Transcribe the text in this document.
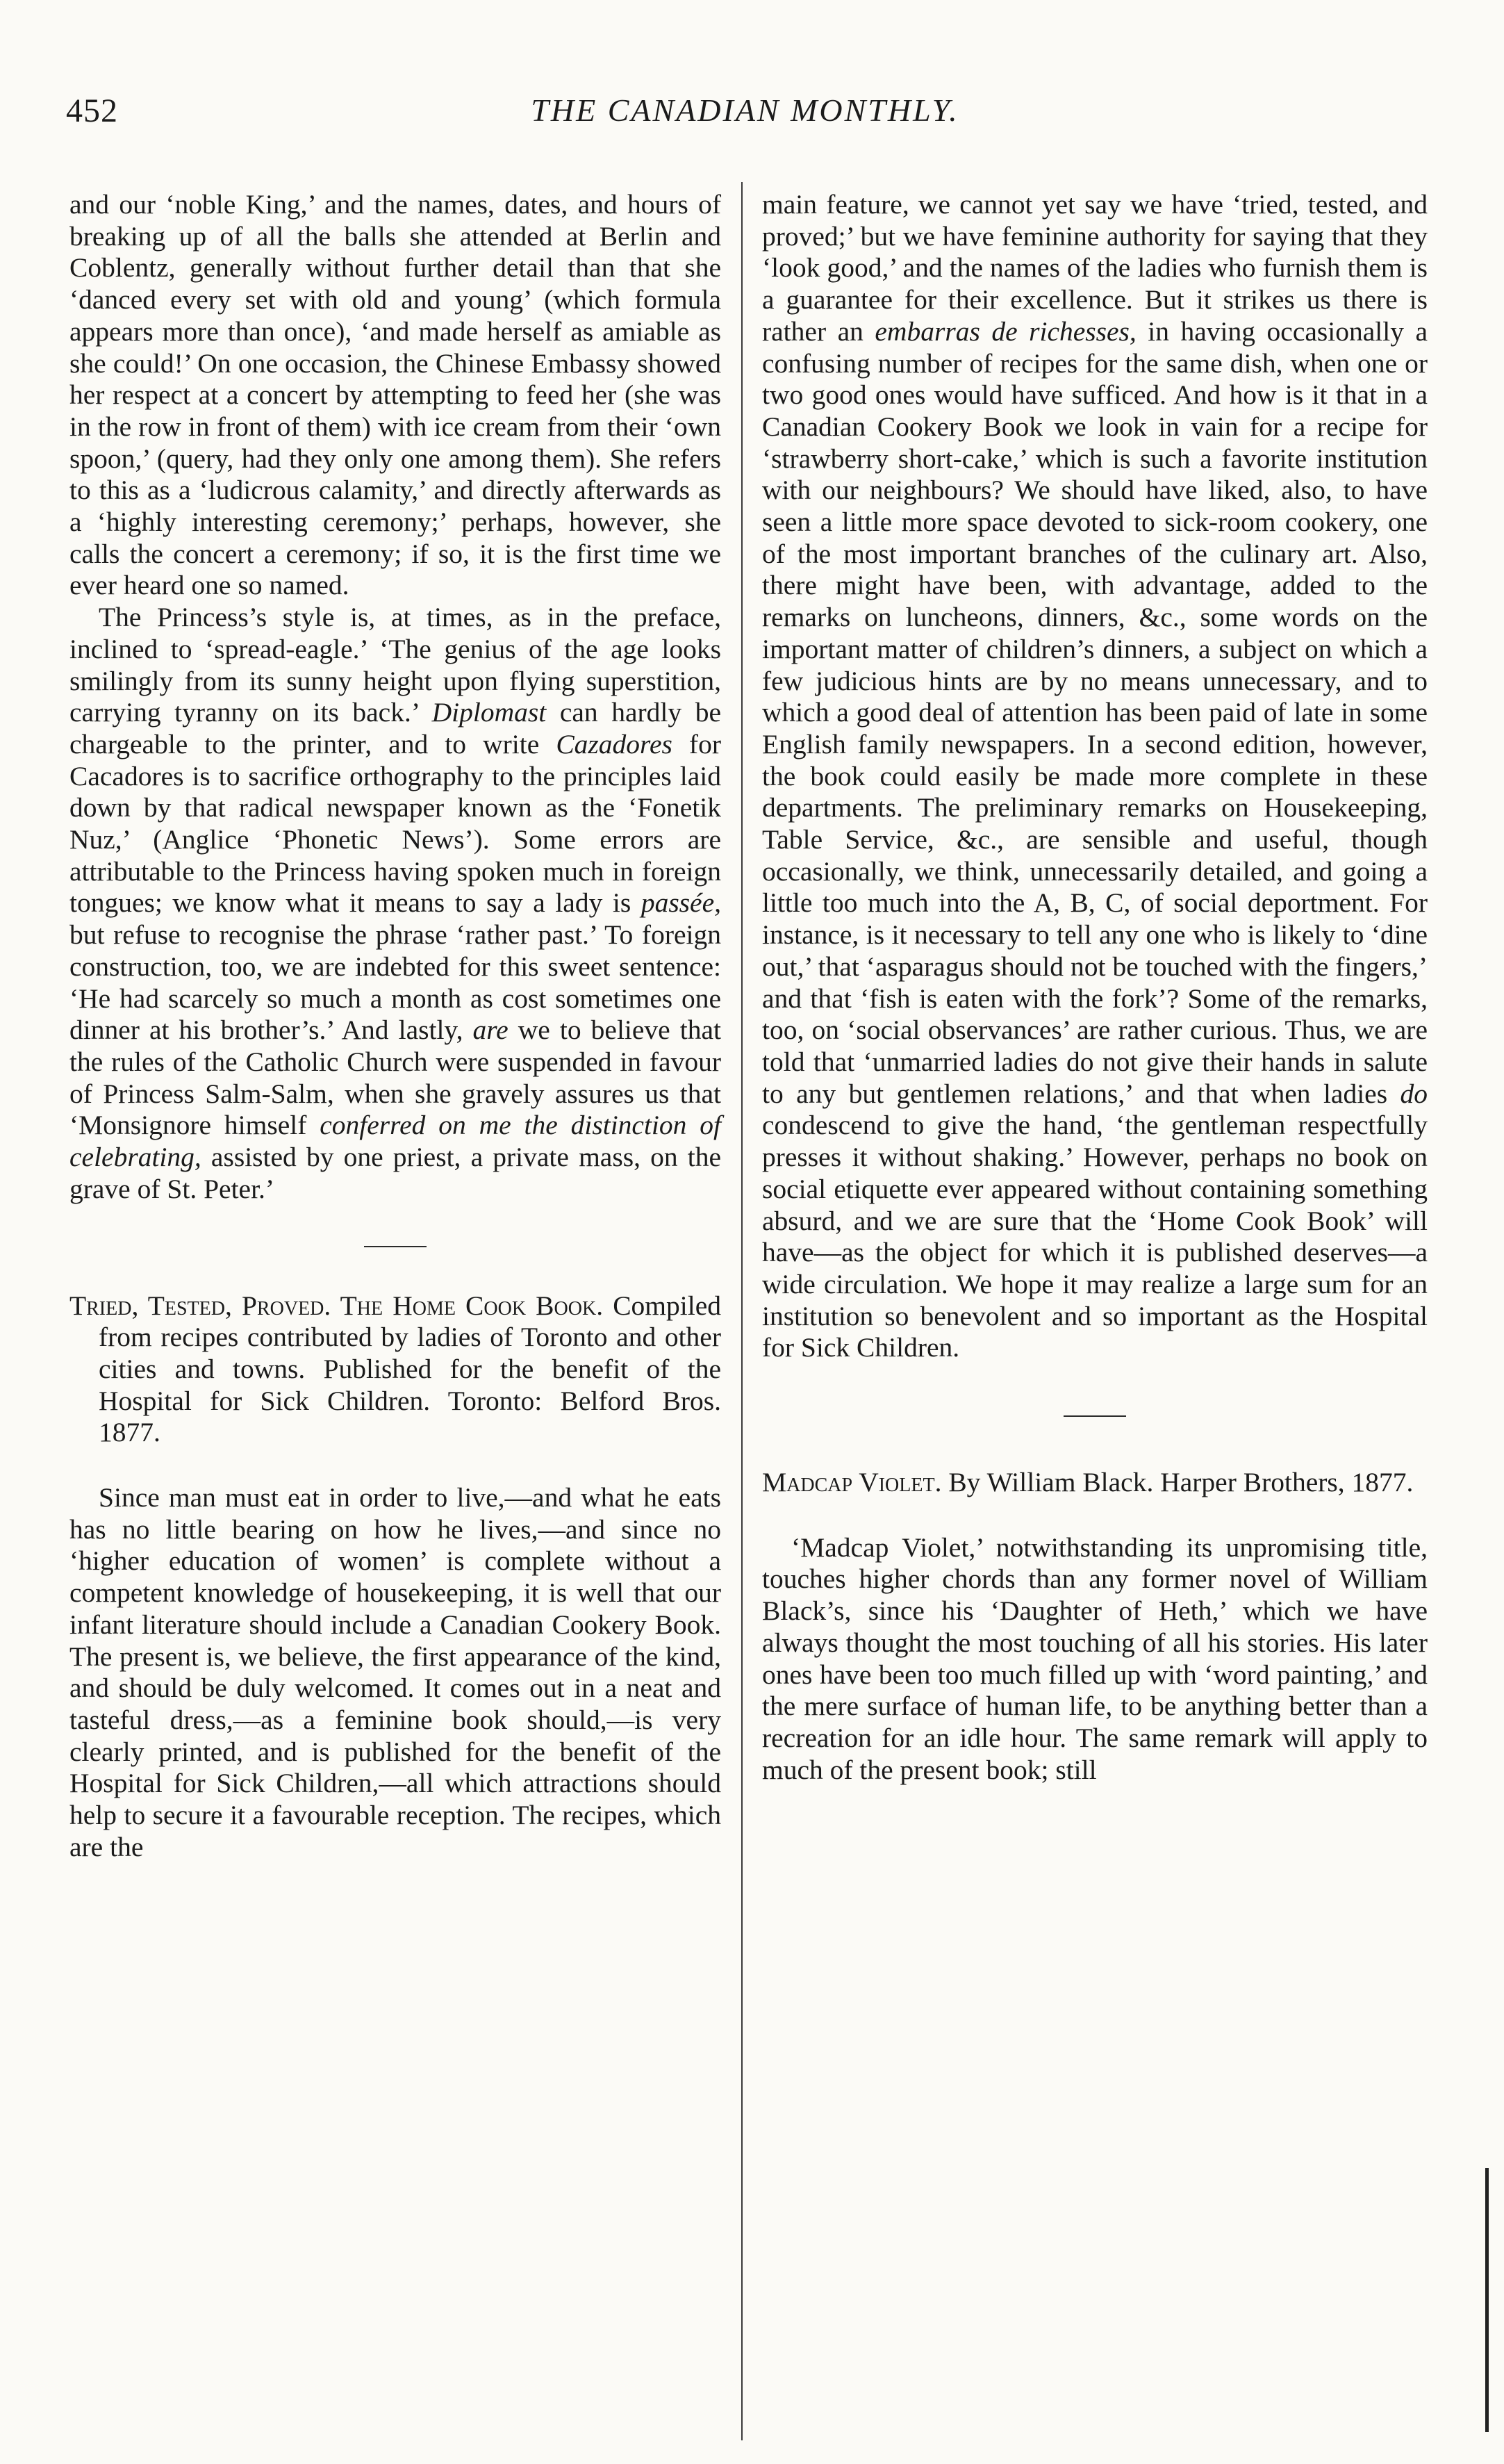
452	THE CANADIAN MONTHLY.

and our ‘noble King,’ and the names, dates, and hours of breaking up of all the balls she attended at Berlin and Coblentz, generally without further detail than that she ‘danced every set with old and young’ (which formula appears more than once), ‘and made herself as amiable as she could!’ On one occasion, the Chinese Embassy showed her respect at a concert by attempting to feed her (she was in the row in front of them) with ice cream from their ‘own spoon,’ (query, had they only one among them). She refers to this as a ‘ludicrous calamity,’ and directly afterwards as a ‘highly interesting ceremony;’ perhaps, however, she calls the concert a ceremony; if so, it is the first time we ever heard one so named.

The Princess’s style is, at times, as in the preface, inclined to ‘spread-eagle.’ ‘The genius of the age looks smilingly from its sunny height upon flying superstition, carrying tyranny on its back.’ Diplomast can hardly be chargeable to the printer, and to write Cazadores for Cacadores is to sacrifice orthography to the principles laid down by that radical newspaper known as the ‘Fonetik Nuz,’ (Anglice ‘Phonetic News’). Some errors are attributable to the Princess having spoken much in foreign tongues; we know what it means to say a lady is passée, but refuse to recognise the phrase ‘rather past.’ To foreign construction, too, we are indebted for this sweet sentence: ‘He had scarcely so much a month as cost sometimes one dinner at his brother’s.’ And lastly, are we to believe that the rules of the Catholic Church were suspended in favour of Princess Salm-Salm, when she gravely assures us that ‘Monsignore himself conferred on me the distinction of celebrating, assisted by one priest, a private mass, on the grave of St. Peter.’

Tried, Tested, Proved. The Home Cook Book. Compiled from recipes contributed by ladies of Toronto and other cities and towns. Published for the benefit of the Hospital for Sick Children. Toronto: Belford Bros. 1877.

Since man must eat in order to live,—and what he eats has no little bearing on how he lives,—and since no ‘higher education of women’ is complete without a competent knowledge of housekeeping, it is well that our infant literature should include a Canadian Cookery Book. The present is, we believe, the first appearance of the kind, and should be duly welcomed. It comes out in a neat and tasteful dress,—as a feminine book should,—is very clearly printed, and is published for the benefit of the Hospital for Sick Children,—all which attractions should help to secure it a favourable reception. The recipes, which are the

main feature, we cannot yet say we have ‘tried, tested, and proved;’ but we have feminine authority for saying that they ‘look good,’ and the names of the ladies who furnish them is a guarantee for their excellence. But it strikes us there is rather an embarras de richesses, in having occasionally a confusing number of recipes for the same dish, when one or two good ones would have sufficed. And how is it that in a Canadian Cookery Book we look in vain for a recipe for ‘strawberry short-cake,’ which is such a favorite institution with our neighbours? We should have liked, also, to have seen a little more space devoted to sick-room cookery, one of the most important branches of the culinary art. Also, there might have been, with advantage, added to the remarks on luncheons, dinners, &c., some words on the important matter of children’s dinners, a subject on which a few judicious hints are by no means unnecessary, and to which a good deal of attention has been paid of late in some English family newspapers. In a second edition, however, the book could easily be made more complete in these departments. The preliminary remarks on Housekeeping, Table Service, &c., are sensible and useful, though occasionally, we think, unnecessarily detailed, and going a little too much into the A, B, C, of social deportment. For instance, is it necessary to tell any one who is likely to ‘dine out,’ that ‘asparagus should not be touched with the fingers,’ and that ‘fish is eaten with the fork’? Some of the remarks, too, on ‘social observances’ are rather curious. Thus, we are told that ‘unmarried ladies do not give their hands in salute to any but gentlemen relations,’ and that when ladies do condescend to give the hand, ‘the gentleman respectfully presses it without shaking.’ However, perhaps no book on social etiquette ever appeared without containing something absurd, and we are sure that the ‘Home Cook Book’ will have—as the object for which it is published deserves—a wide circulation. We hope it may realize a large sum for an institution so benevolent and so important as the Hospital for Sick Children.

Madcap Violet. By William Black. Harper Brothers, 1877.

‘Madcap Violet,’ notwithstanding its unpromising title, touches higher chords than any former novel of William Black’s, since his ‘Daughter of Heth,’ which we have always thought the most touching of all his stories. His later ones have been too much filled up with ‘word painting,’ and the mere surface of human life, to be anything better than a recreation for an idle hour. The same remark will apply to much of the present book; still
